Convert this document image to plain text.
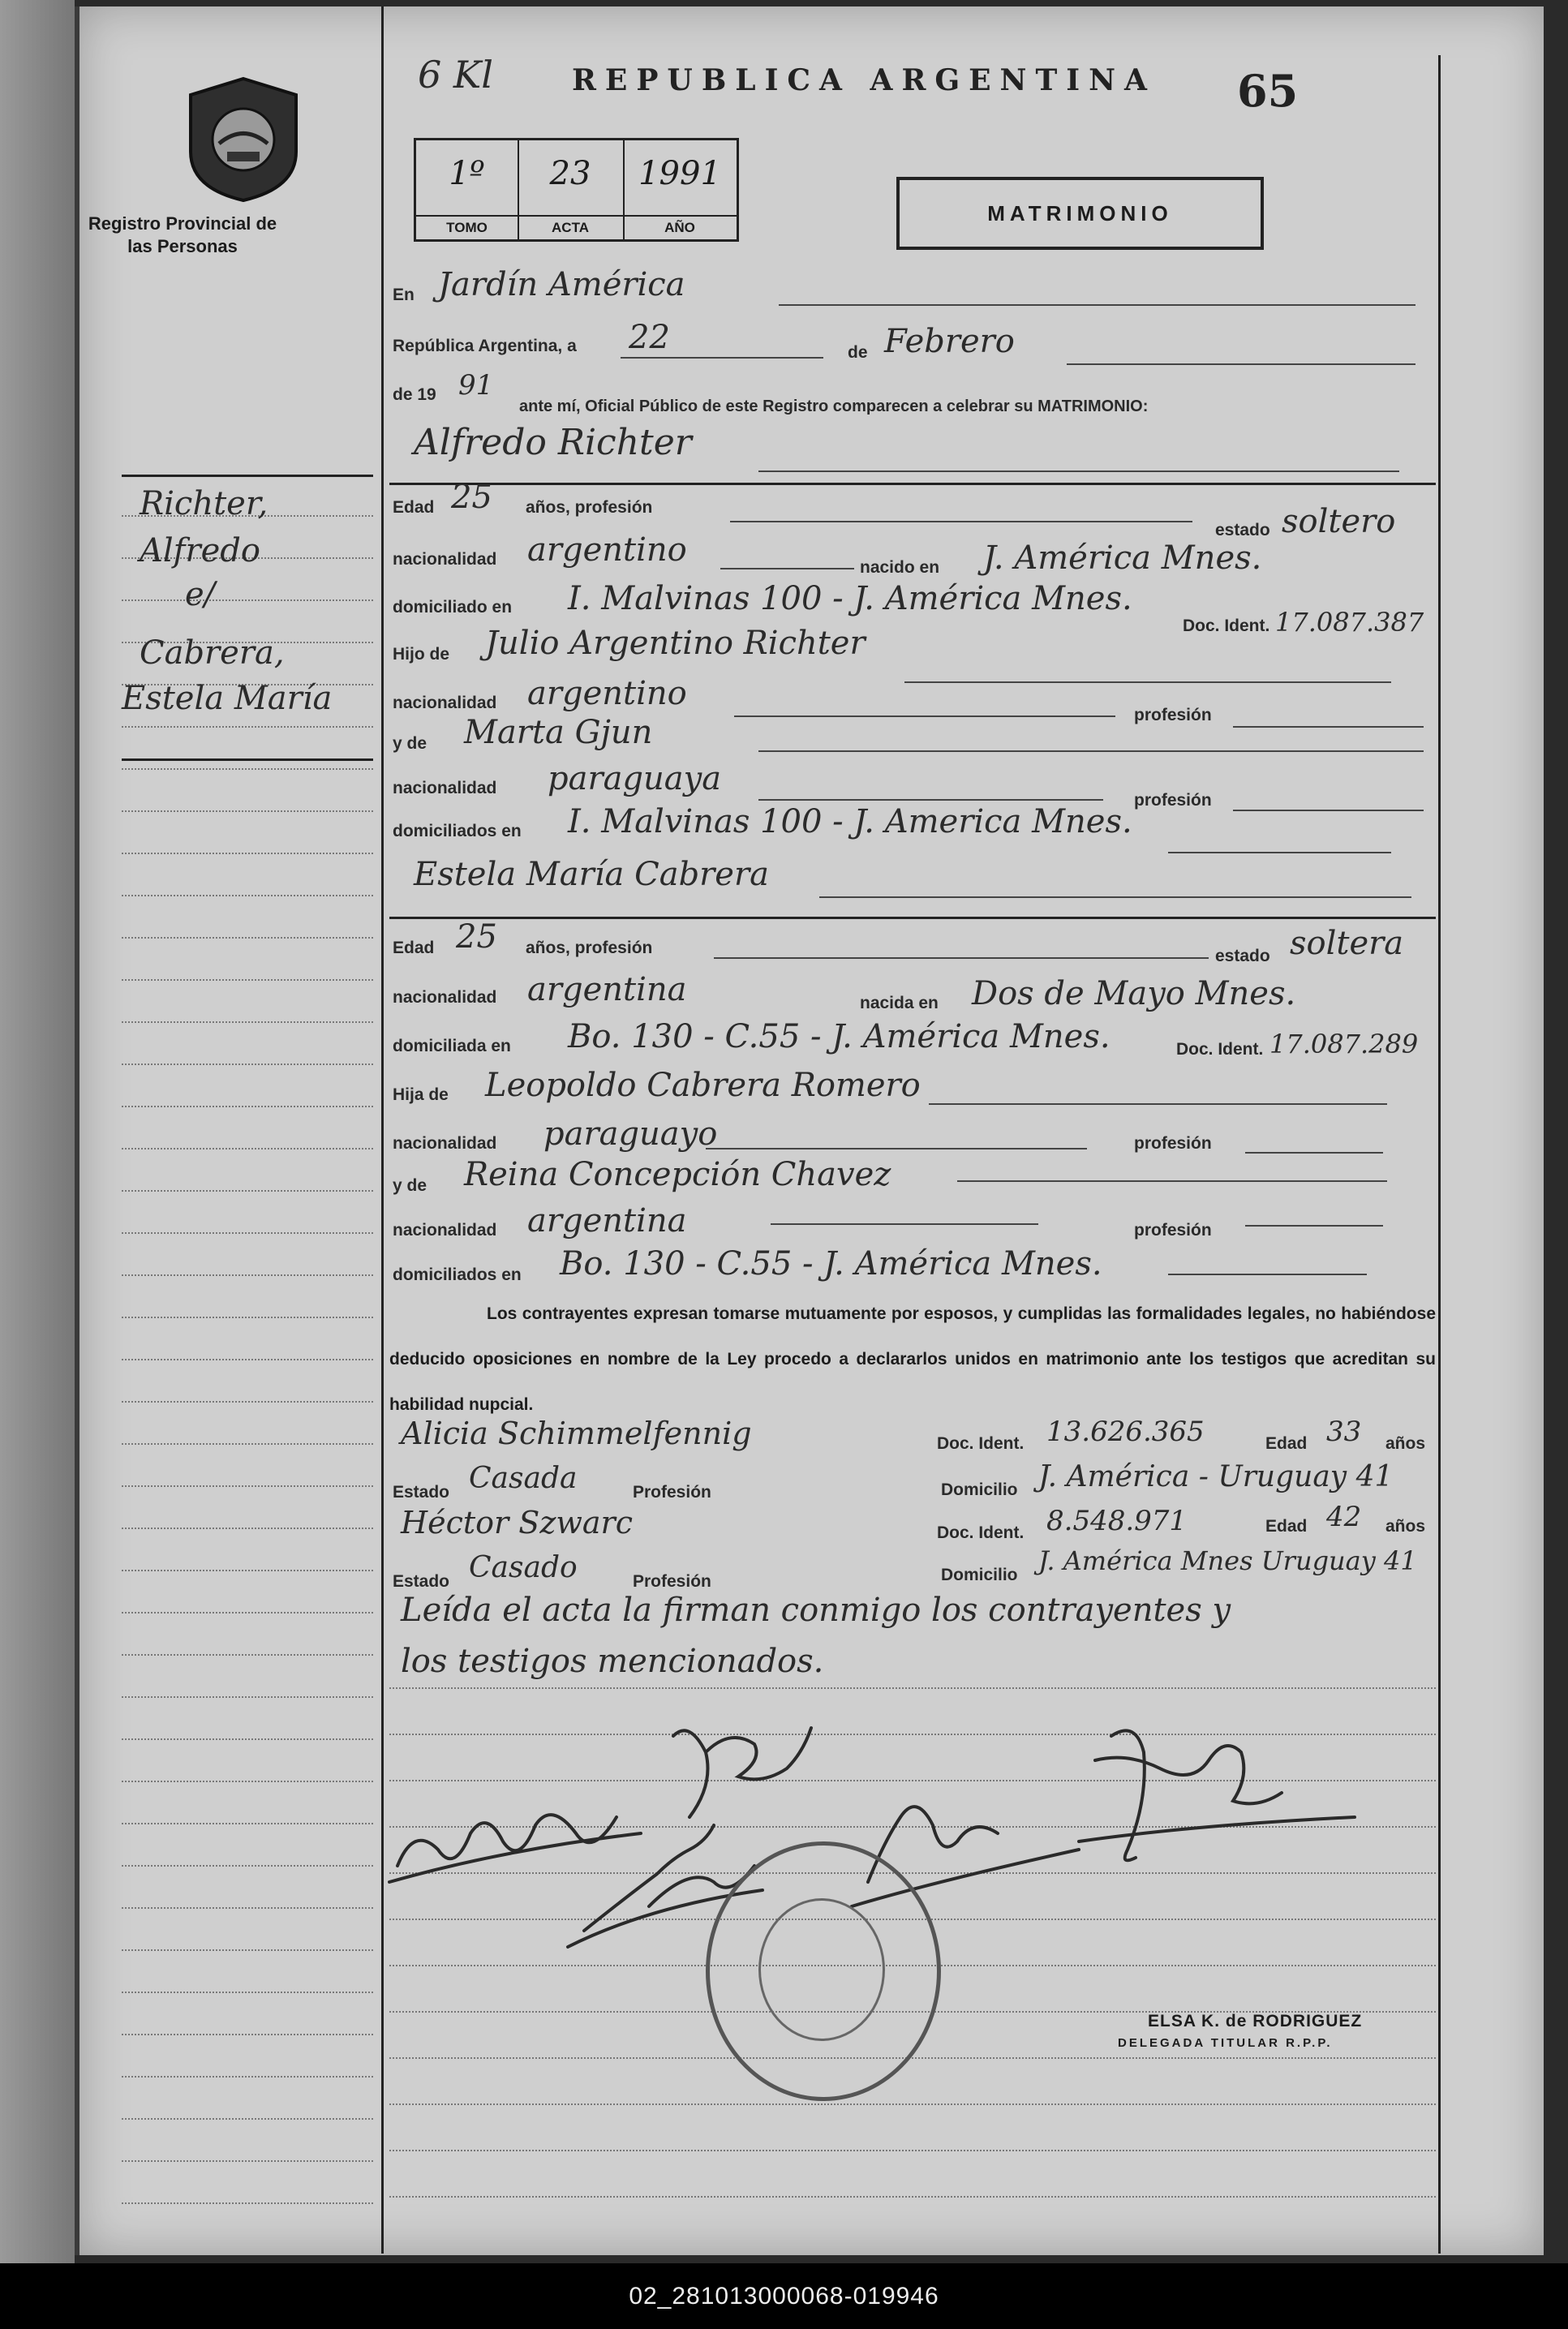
Registro Provincial de las Personas
6 Kl	REPUBLICA ARGENTINA 65
1º
TOMO
23
ACTA
1991
AÑO
MATRIMONIO
Richter,
Alfredo
e/
Cabrera,
Estela María
En Jardín América
República Argentina, a 22	de Febrero
de 19 91
ante mí, Oficial Público de este Registro comparecen a celebrar su MATRIMONIO:
Alfredo Richter
Edad 25 años, profesión
estado soltero
nacionalidad argentino	nacido en J. América Mnes.
domiciliado en I. Malvinas 100 - J. América Mnes.
Doc. Ident. 17.087.387
Hijo de Julio Argentino Richter
nacionalidad argentino
profesión
y de Marta Gjun
nacionalidad paraguaya
profesión
domiciliados en I. Malvinas 100 - J. America Mnes.
Estela María Cabrera
Edad 25 años, profesión	estado soltera
nacionalidad argentina	nacida en Dos de Mayo Mnes.
domiciliada en Bo. 130 - C.55 - J. América Mnes.	Doc. Ident. 17.087.289
Hija de Leopoldo Cabrera Romero
nacionalidad paraguayo	profesión
y de Reina Concepción Chavez
nacionalidad argentina	profesión
domiciliados en Bo. 130 - C.55 - J. América Mnes.
Los contrayentes expresan tomarse mutuamente por esposos, y cumplidas las formalidades legales, no habiéndose deducido oposiciones en nombre de la Ley procedo a declararlos unidos en matrimonio ante los testigos que acreditan su habilidad nupcial.
Alicia Schimmelfennig	Doc. Ident. 13.626.365	Edad 33 años
Estado Casada	Profesión	Domicilio J. América - Uruguay 41
Héctor Szwarc	Doc. Ident. 8.548.971	Edad 42 años
Estado Casado	Profesión	Domicilio J. América Mnes Uruguay 41
Leída el acta la firman conmigo los contrayentes y
los testigos mencionados.
ELSA K. de RODRIGUEZ
DELEGADA TITULAR R.P.P.
02_281013000068-019946
